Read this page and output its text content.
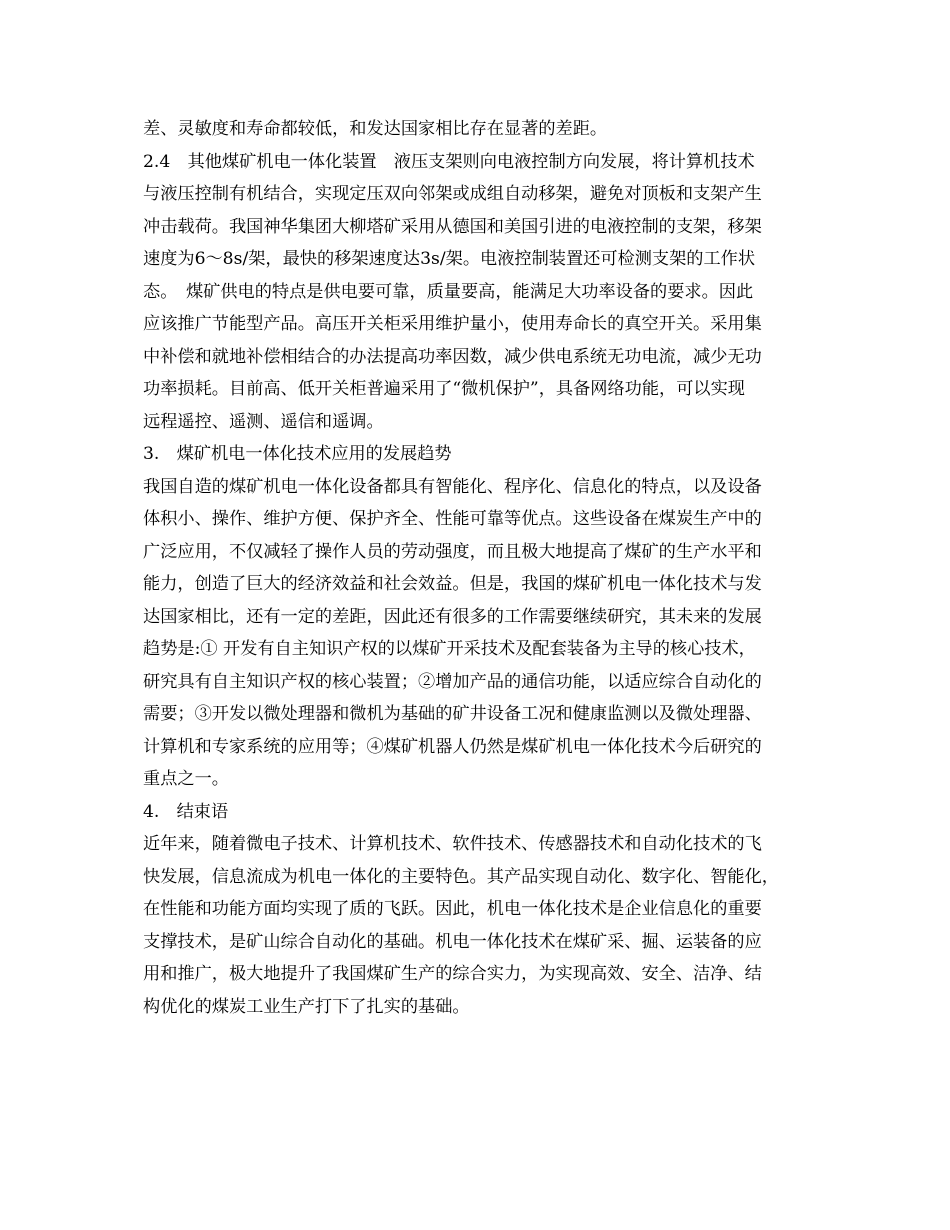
差、灵敏度和寿命都较低，和发达国家相比存在显著的差距。
2.4　其他煤矿机电一体化装置　液压支架则向电液控制方向发展，将计算机技术
与液压控制有机结合，实现定压双向邻架或成组自动移架，避免对顶板和支架产生
冲击载荷。我国神华集团大柳塔矿采用从德国和美国引进的电液控制的支架，移架
速度为6～8s/架，最快的移架速度达3s/架。电液控制装置还可检测支架的工作状
态。　煤矿供电的特点是供电要可靠，质量要高，能满足大功率设备的要求。因此
应该推广节能型产品。高压开关柜采用维护量小，使用寿命长的真空开关。采用集
中补偿和就地补偿相结合的办法提高功率因数，减少供电系统无功电流，减少无功
功率损耗。目前高、低开关柜普遍采用了“微机保护”，具备网络功能，可以实现
远程遥控、遥测、遥信和遥调。
3.　煤矿机电一体化技术应用的发展趋势
我国自造的煤矿机电一体化设备都具有智能化、程序化、信息化的特点，以及设备
体积小、操作、维护方便、保护齐全、性能可靠等优点。这些设备在煤炭生产中的
广泛应用，不仅减轻了操作人员的劳动强度，而且极大地提高了煤矿的生产水平和
能力，创造了巨大的经济效益和社会效益。但是，我国的煤矿机电一体化技术与发
达国家相比，还有一定的差距，因此还有很多的工作需要继续研究，其未来的发展
趋势是:① 开发有自主知识产权的以煤矿开采技术及配套装备为主导的核心技术，
研究具有自主知识产权的核心装置；②增加产品的通信功能，以适应综合自动化的
需要；③开发以微处理器和微机为基础的矿井设备工况和健康监测以及微处理器、
计算机和专家系统的应用等；④煤矿机器人仍然是煤矿机电一体化技术今后研究的
重点之一。
4.　结束语
近年来，随着微电子技术、计算机技术、软件技术、传感器技术和自动化技术的飞
快发展，信息流成为机电一体化的主要特色。其产品实现自动化、数字化、智能化，
在性能和功能方面均实现了质的飞跃。因此，机电一体化技术是企业信息化的重要
支撑技术，是矿山综合自动化的基础。机电一体化技术在煤矿采、掘、运装备的应
用和推广，极大地提升了我国煤矿生产的综合实力，为实现高效、安全、洁净、结
构优化的煤炭工业生产打下了扎实的基础。
